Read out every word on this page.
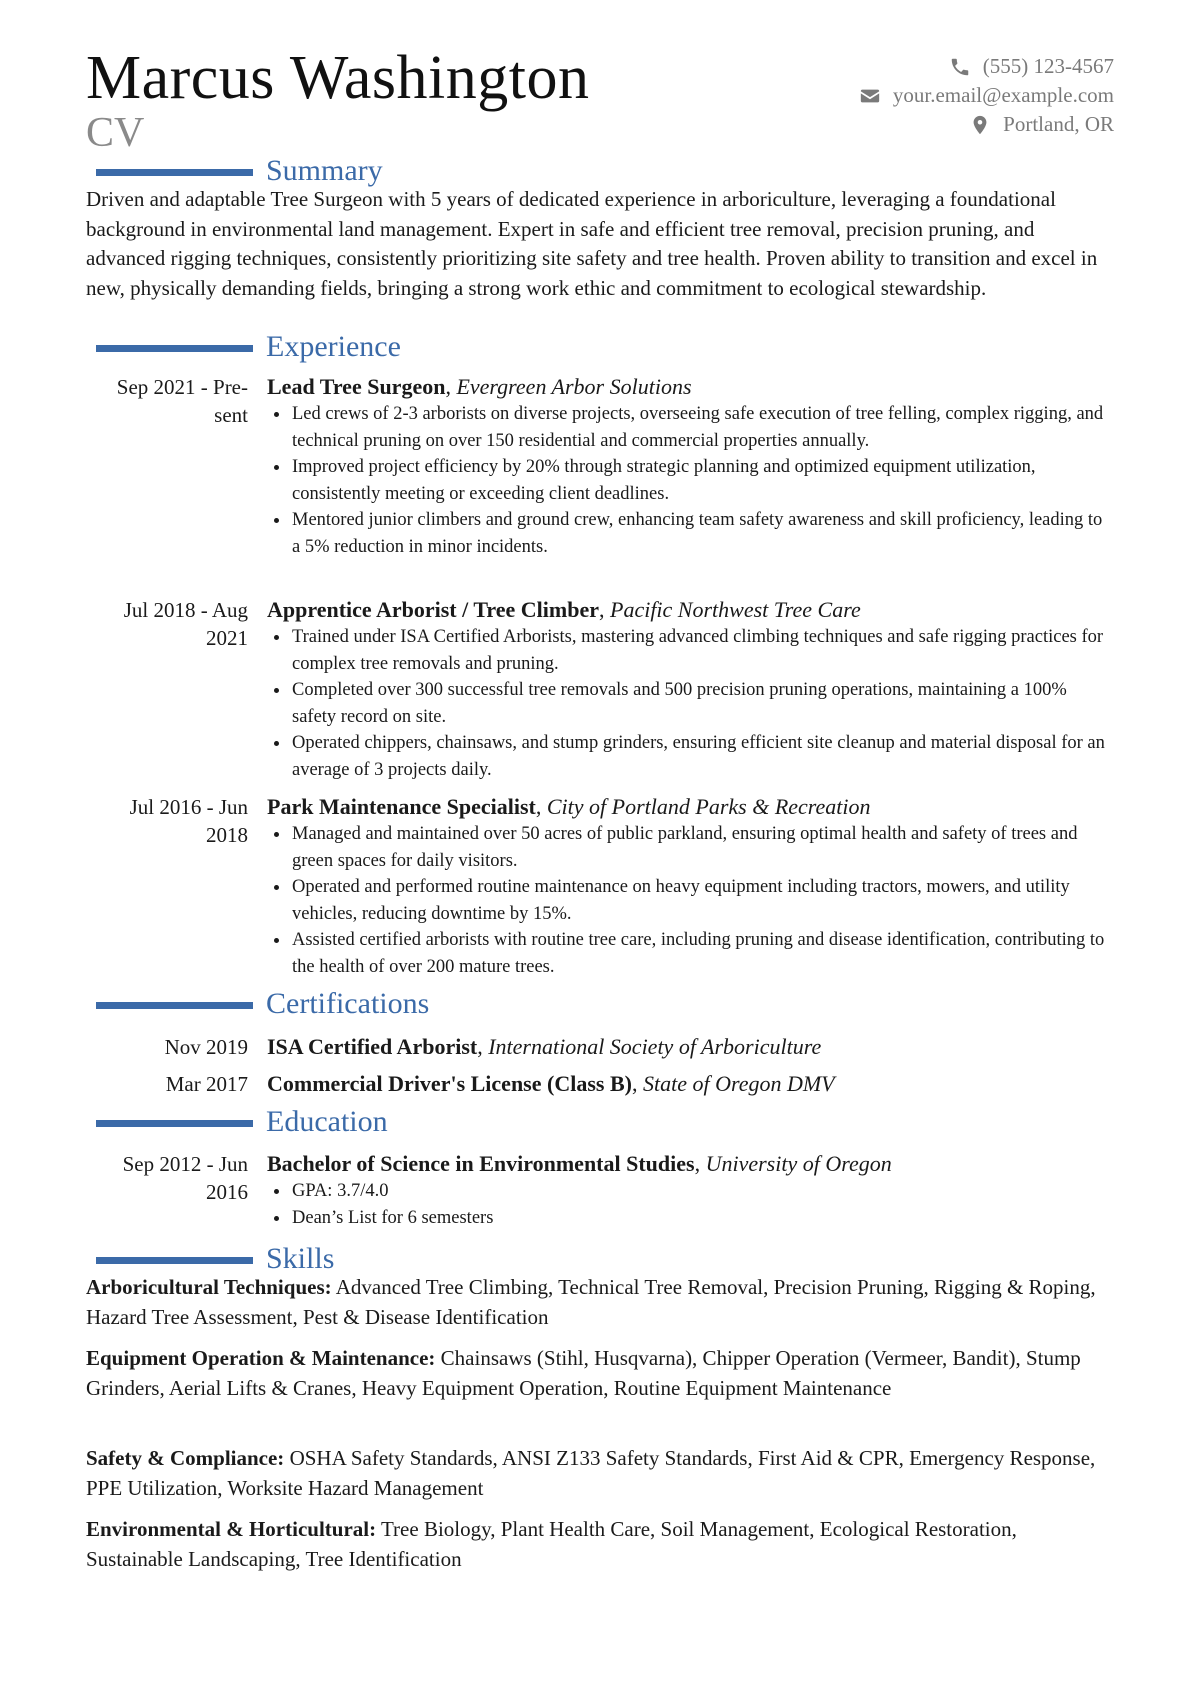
Marcus Washington
CV
(555) 123-4567
your.email@example.com
Portland, OR
Summary
Driven and adaptable Tree Surgeon with 5 years of dedicated experience in arboriculture, leveraging a foundational background in environmental land management. Expert in safe and efficient tree removal, precision pruning, and advanced rigging techniques, consistently prioritizing site safety and tree health. Proven ability to transition and excel in new, physically demanding fields, bringing a strong work ethic and commitment to ecological stewardship.
Experience
Sep 2021 - Pre-
sent
Lead Tree Surgeon, Evergreen Arbor Solutions
Led crews of 2-3 arborists on diverse projects, overseeing safe execution of tree felling, complex rigging, and technical pruning on over 150 residential and commercial properties annually.
Improved project efficiency by 20% through strategic planning and optimized equipment utilization, consistently meeting or exceeding client deadlines.
Mentored junior climbers and ground crew, enhancing team safety awareness and skill proficiency, leading to a 5% reduction in minor incidents.
Jul 2018 - Aug
2021
Apprentice Arborist / Tree Climber, Pacific Northwest Tree Care
Trained under ISA Certified Arborists, mastering advanced climbing techniques and safe rigging practices for complex tree removals and pruning.
Completed over 300 successful tree removals and 500 precision pruning operations, maintaining a 100% safety record on site.
Operated chippers, chainsaws, and stump grinders, ensuring efficient site cleanup and material disposal for an average of 3 projects daily.
Jul 2016 - Jun
2018
Park Maintenance Specialist, City of Portland Parks & Recreation
Managed and maintained over 50 acres of public parkland, ensuring optimal health and safety of trees and green spaces for daily visitors.
Operated and performed routine maintenance on heavy equipment including tractors, mowers, and utility vehicles, reducing downtime by 15%.
Assisted certified arborists with routine tree care, including pruning and disease identification, contributing to the health of over 200 mature trees.
Certifications
Nov 2019 ISA Certified Arborist, International Society of Arboriculture
Mar 2017 Commercial Driver's License (Class B), State of Oregon DMV
Education
Sep 2012 - Jun
2016
Bachelor of Science in Environmental Studies, University of Oregon
GPA: 3.7/4.0
Dean’s List for 6 semesters
Skills
Arboricultural Techniques: Advanced Tree Climbing, Technical Tree Removal, Precision Pruning, Rigging & Roping, Hazard Tree Assessment, Pest & Disease Identification
Equipment Operation & Maintenance: Chainsaws (Stihl, Husqvarna), Chipper Operation (Vermeer, Bandit), Stump Grinders, Aerial Lifts & Cranes, Heavy Equipment Operation, Routine Equipment Maintenance
Safety & Compliance: OSHA Safety Standards, ANSI Z133 Safety Standards, First Aid & CPR, Emergency Response, PPE Utilization, Worksite Hazard Management
Environmental & Horticultural: Tree Biology, Plant Health Care, Soil Management, Ecological Restoration, Sustainable Landscaping, Tree Identification
